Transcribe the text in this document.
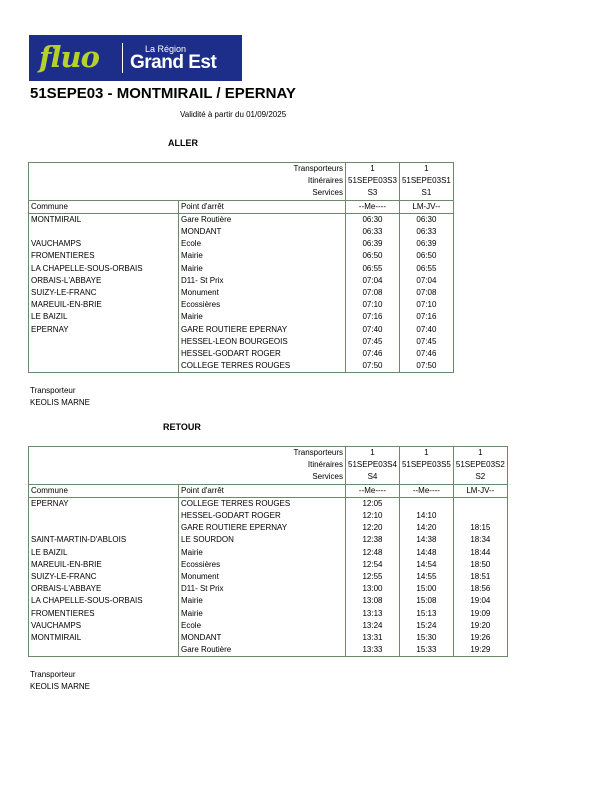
fluo	La Région
Grand Est
51SEPE03 - MONTMIRAIL / EPERNAY
Validité à partir du 01/09/2025
ALLER
Transporteurs		1	1
Itinéraires		51SEPE03S3	51SEPE03S1
Services		S3	S1
Commune	Point d'arrêt	--Me----	LM-JV--
MONTMIRAIL	Gare Routière	06:30	06:30
	MONDANT	06:33	06:33
VAUCHAMPS	Ecole	06:39	06:39
FROMENTIERES	Mairie	06:50	06:50
LA CHAPELLE-SOUS-ORBAIS	Mairie	06:55	06:55
ORBAIS-L'ABBAYE	D11- St Prix	07:04	07:04
SUIZY-LE-FRANC	Monument	07:08	07:08
MAREUIL-EN-BRIE	Ecossières	07:10	07:10
LE BAIZIL	Mairie	07:16	07:16
EPERNAY	GARE ROUTIERE EPERNAY	07:40	07:40
	HESSEL-LEON BOURGEOIS	07:45	07:45
	HESSEL-GODART ROGER	07:46	07:46
	COLLEGE TERRES ROUGES	07:50	07:50
Transporteur
KEOLIS MARNE
RETOUR
Transporteurs		1	1	1
Itinéraires		51SEPE03S4	51SEPE03S5	51SEPE03S2
Services		S4		S2
Commune	Point d'arrêt	--Me----	--Me----	LM-JV--
EPERNAY	COLLEGE TERRES ROUGES	12:05		
	HESSEL-GODART ROGER	12:10	14:10	
	GARE ROUTIERE EPERNAY	12:20	14:20	18:15
SAINT-MARTIN-D'ABLOIS	LE SOURDON	12:38	14:38	18:34
LE BAIZIL	Mairie	12:48	14:48	18:44
MAREUIL-EN-BRIE	Ecossières	12:54	14:54	18:50
SUIZY-LE-FRANC	Monument	12:55	14:55	18:51
ORBAIS-L'ABBAYE	D11- St Prix	13:00	15:00	18:56
LA CHAPELLE-SOUS-ORBAIS	Mairie	13:08	15:08	19:04
FROMENTIERES	Mairie	13:13	15:13	19:09
VAUCHAMPS	Ecole	13:24	15:24	19:20
MONTMIRAIL	MONDANT	13:31	15:30	19:26
	Gare Routière	13:33	15:33	19:29
Transporteur
KEOLIS MARNE
